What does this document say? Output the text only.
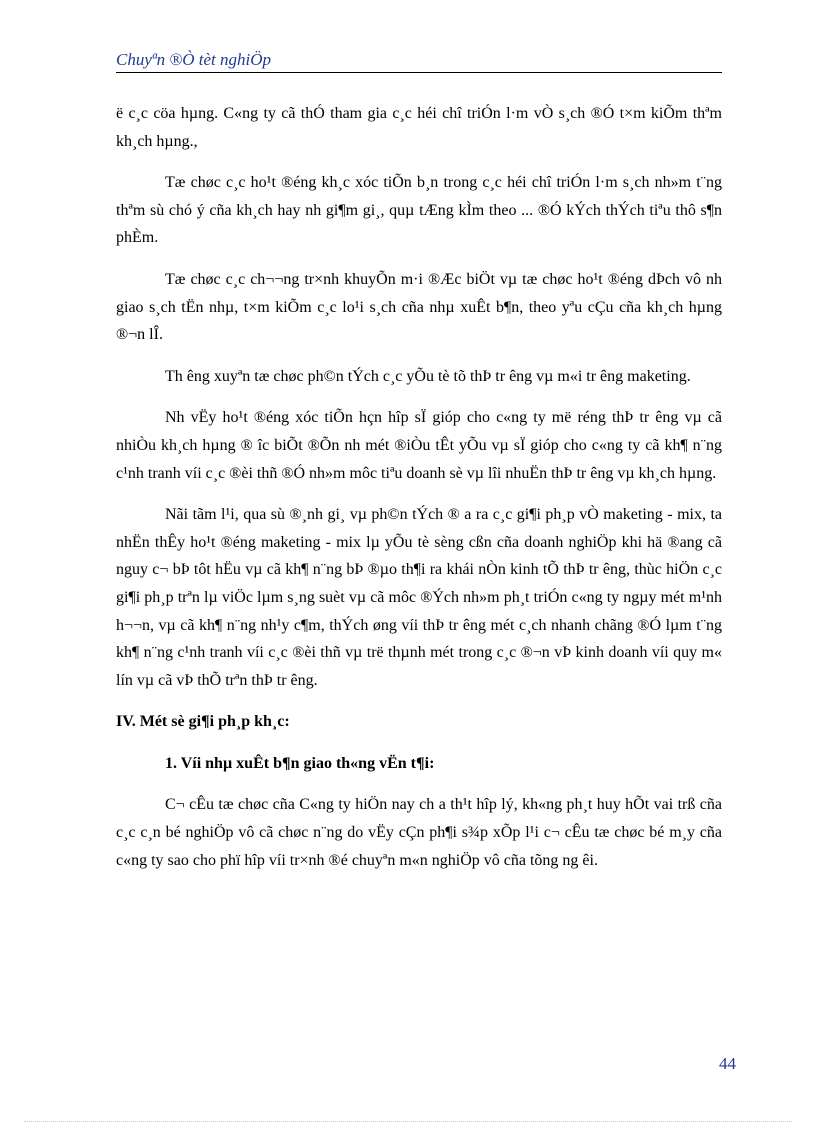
Chuyªn ®Ò tèt nghiÖp

ë c¸c cöa hµng. C«ng ty cã thÓ tham gia c¸c héi chî triÓn l·m vÒ s¸ch ®Ó t×m kiÕm thªm kh¸ch hµng.,

Tæ chøc c¸c ho¹t ®éng kh¸c xóc tiÕn b¸n trong c¸c héi chî triÓn l·m s¸ch nh»m t¨ng thªm sù chó ý cña kh¸ch hay nh gi¶m gi¸, quµ tÆng kÌm theo ... ®Ó kÝch thÝch tiªu thô s¶n phÈm.

Tæ chøc c¸c ch¬¬ng tr×nh khuyÕn m·i ®Æc biÖt vµ tæ chøc ho¹t ®éng dÞch vô nh giao s¸ch tËn nhµ, t×m kiÕm c¸c lo¹i s¸ch cña nhµ xuÊt b¶n, theo yªu cÇu cña kh¸ch hµng ®¬n lÎ.

Th êng xuyªn tæ chøc ph©n tÝch c¸c yÕu tè tõ thÞ tr êng vµ m«i tr êng maketing.

Nh vËy ho¹t ®éng xóc tiÕn hçn hîp sÏ gióp cho c«ng ty më réng thÞ tr êng vµ cã nhiÒu kh¸ch hµng ® îc biÕt ®Õn nh mét ®iÒu tÊt yÕu vµ sÏ gióp cho c«ng ty cã kh¶ n¨ng c¹nh tranh víi c¸c ®èi thñ ®Ó nh»m môc tiªu doanh sè vµ lîi nhuËn thÞ tr êng vµ kh¸ch hµng.

Nãi tãm l¹i, qua sù ®¸nh gi¸ vµ ph©n tÝch ® a ra c¸c gi¶i ph¸p vÒ maketing - mix, ta nhËn thÊy ho¹t ®éng maketing - mix lµ yÕu tè sèng cßn cña doanh nghiÖp khi hä ®ang cã nguy c¬ bÞ tôt hËu vµ cã kh¶ n¨ng bÞ ®µo th¶i ra khái nÒn kinh tÕ thÞ tr êng, thùc hiÖn c¸c gi¶i ph¸p trªn lµ viÖc lµm s¸ng suèt vµ cã môc ®Ých nh»m ph¸t triÓn c«ng ty ngµy mét m¹nh h¬¬n, vµ cã kh¶ n¨ng nh¹y c¶m, thÝch øng víi thÞ tr êng mét c¸ch nhanh chãng ®Ó lµm t¨ng kh¶ n¨ng c¹nh tranh víi c¸c ®èi thñ vµ trë thµnh mét trong c¸c ®¬n vÞ kinh doanh víi quy m« lín vµ cã vÞ thÕ trªn thÞ tr êng.

IV. Mét sè gi¶i ph¸p kh¸c:
1. Víi nhµ xuÊt b¶n giao th«ng vËn t¶i:

C¬ cÊu tæ chøc cña C«ng ty hiÖn nay ch a th¹t hîp lý, kh«ng ph¸t huy hÕt vai trß cña c¸c c¸n bé nghiÖp vô cã chøc n¨ng do vËy cÇn ph¶i s¾p xÕp l¹i c¬ cÊu tæ chøc bé m¸y cña c«ng ty sao cho phï hîp víi tr×nh ®é chuyªn m«n nghiÖp vô cña tõng ng êi.

44
